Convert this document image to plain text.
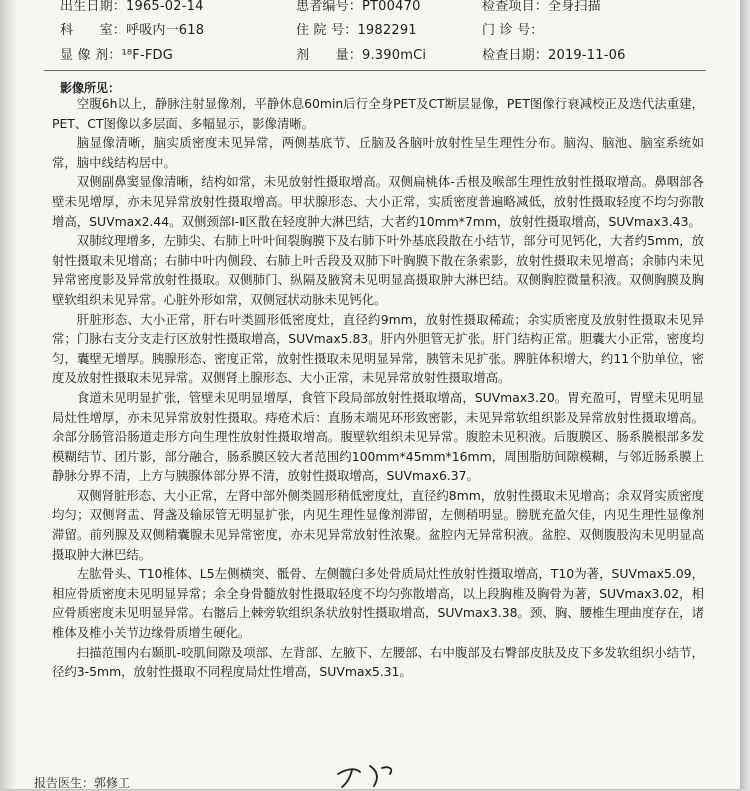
出生日期：1965-02-14	患者编号：PT00470	检查项目：全身扫描
科　　室：呼吸内一618	住 院 号：1982291	门 诊 号：
显 像 剂：¹⁸F-FDG	剂　　量：9.390mCi	检查日期：2019-11-06
影像所见：

空腹6h以上，静脉注射显像剂，平静休息60min后行全身PET及CT断层显像，PET图像行衰减校正及迭代法重建，PET、CT图像以多层面、多幅显示，影像清晰。

脑显像清晰，脑实质密度未见异常，两侧基底节、丘脑及各脑叶放射性呈生理性分布。脑沟、脑池、脑室系统如常，脑中线结构居中。

双侧副鼻窦显像清晰，结构如常，未见放射性摄取增高。双侧扁桃体-舌根及喉部生理性放射性摄取增高。鼻咽部各壁未见增厚，亦未见异常放射性摄取增高。甲状腺形态、大小正常，实质密度普遍略减低，放射性摄取轻度不均匀弥散增高，SUVmax2.44。双侧颈部Ⅰ-Ⅱ区散在轻度肿大淋巴结，大者约10mm*7mm，放射性摄取增高，SUVmax3.43。

双肺纹理增多，左肺尖、右肺上叶叶间裂胸膜下及右肺下叶外基底段散在小结节，部分可见钙化，大者约5mm，放射性摄取未见增高；右肺中叶内侧段、右肺上叶舌段及双肺下叶胸膜下散在条索影，放射性摄取未见增高；余肺内未见异常密度影及异常放射性摄取。双侧肺门、纵隔及腋窝未见明显高摄取肿大淋巴结。双侧胸腔微量积液。双侧胸膜及胸壁软组织未见异常。心脏外形如常，双侧冠状动脉未见钙化。

肝脏形态、大小正常，肝右叶类圆形低密度灶，直径约9mm，放射性摄取稀疏；余实质密度及放射性摄取未见异常；门脉右支分支走行区放射性摄取增高，SUVmax5.83。肝内外胆管无扩张。肝门结构正常。胆囊大小正常，密度均匀，囊壁无增厚。胰腺形态、密度正常，放射性摄取未见明显异常，胰管未见扩张。脾脏体积增大，约11个肋单位，密度及放射性摄取未见异常。双侧肾上腺形态、大小正常，未见异常放射性摄取增高。

食道未见明显扩张，管壁未见明显增厚，食管下段局部放射性摄取增高，SUVmax3.20。胃充盈可，胃壁未见明显局灶性增厚，亦未见异常放射性摄取。痔疮术后：直肠末端见环形致密影，未见异常软组织影及异常放射性摄取增高。余部分肠管沿肠道走形方向生理性放射性摄取增高。腹壁软组织未见异常。腹腔未见积液。后腹膜区、肠系膜根部多发模糊结节、团片影，部分融合，肠系膜区较大者范围约100mm*45mm*16mm，周围脂肪间隙模糊，与邻近肠系膜上静脉分界不清，上方与胰腺体部分界不清，放射性摄取增高，SUVmax6.37。

双侧肾脏形态、大小正常，左肾中部外侧类圆形稍低密度灶，直径约8mm，放射性摄取未见增高；余双肾实质密度均匀；双侧肾盂、肾盏及输尿管无明显扩张，内见生理性显像剂滞留，左侧稍明显。膀胱充盈欠佳，内见生理性显像剂滞留。前列腺及双侧精囊腺未见异常密度，亦未见异常放射性浓聚。盆腔内无异常积液。盆腔、双侧腹股沟未见明显高摄取肿大淋巴结。

左肱骨头、T10椎体、L5左侧横突、骶骨、左侧髋臼多处骨质局灶性放射性摄取增高，T10为著，SUVmax5.09，相应骨质密度未见明显异常；余全身骨髓放射性摄取轻度不均匀弥散增高，以上段胸椎及胸骨为著，SUVmax3.02，相应骨质密度未见明显异常。右髂后上棘旁软组织条状放射性摄取增高，SUVmax3.38。颈、胸、腰椎生理曲度存在，诸椎体及椎小关节边缘骨质增生硬化。

扫描范围内右颞肌-咬肌间隙及项部、左背部、左腋下、左腰部、右中腹部及右臀部皮肤及皮下多发软组织小结节，径约3-5mm，放射性摄取不同程度局灶性增高，SUVmax5.31。

报告医生：郭修工
